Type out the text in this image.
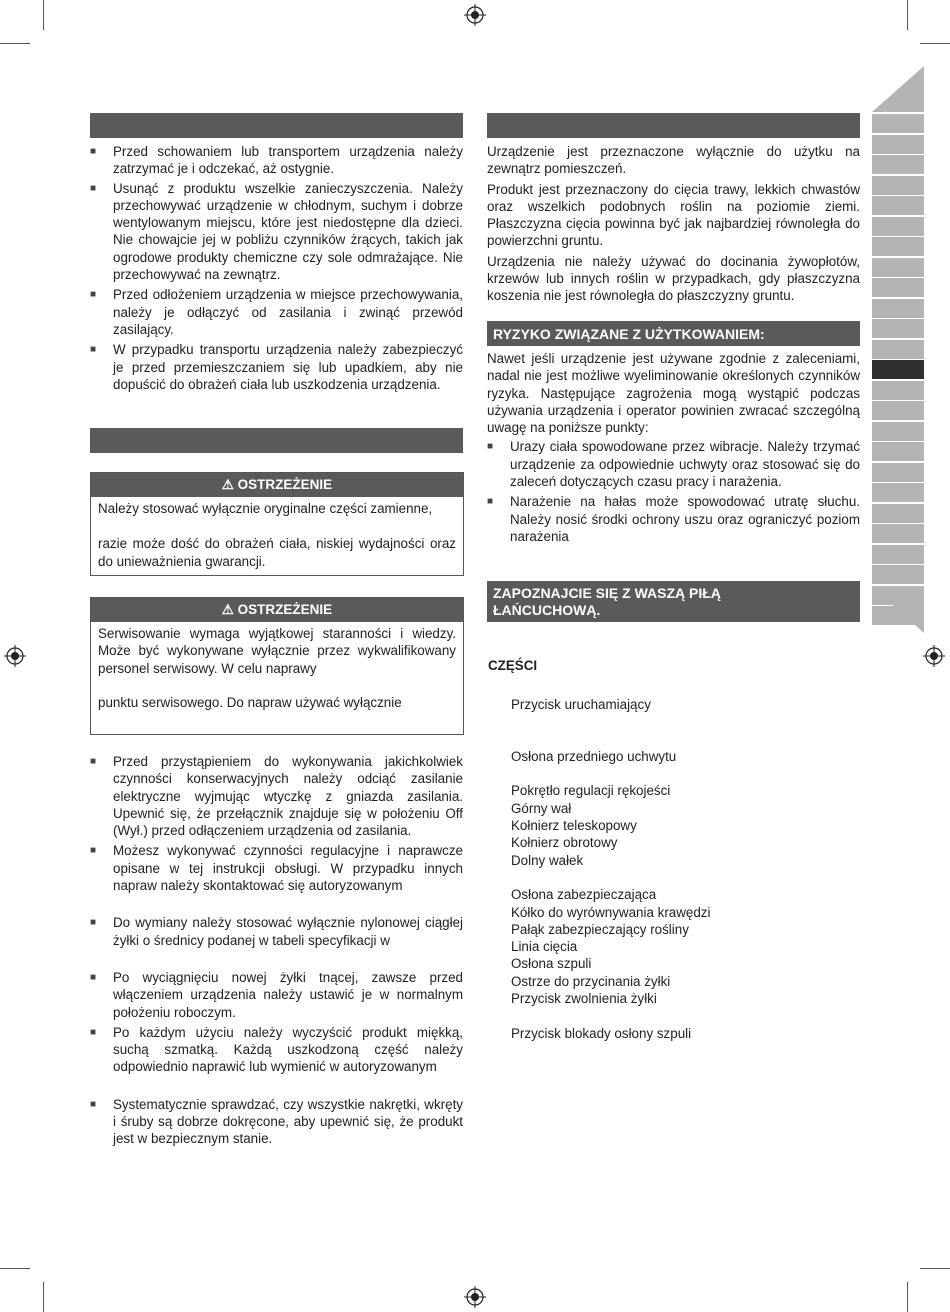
■ Przed schowaniem lub transportem urządzenia należy zatrzymać je i odczekać, aż ostygnie.

■ Usunąć z produktu wszelkie zanieczyszczenia. Należy przechowywać urządzenie w chłodnym, suchym i dobrze wentylowanym miejscu, które jest niedostępne dla dzieci. Nie chowajcie jej w pobliżu czynników żrących, takich jak ogrodowe produkty chemiczne czy sole odmrażające. Nie przechowywać na zewnątrz.

■ Przed odłożeniem urządzenia w miejsce przechowywania, należy je odłączyć od zasilania i zwinąć przewód zasilający.

■ W przypadku transportu urządzenia należy zabezpieczyć je przed przemieszczaniem się lub upadkiem, aby nie dopuścić do obrażeń ciała lub uszkodzenia urządzenia.

⚠ OSTRZEŻENIE

Należy stosować wyłącznie oryginalne części zamienne,

razie może dość do obrażeń ciała, niskiej wydajności oraz do unieważnienia gwarancji.

⚠ OSTRZEŻENIE

Serwisowanie wymaga wyjątkowej staranności i wiedzy. Może być wykonywane wyłącznie przez wykwalifikowany personel serwisowy. W celu naprawy

punktu serwisowego. Do napraw używać wyłącznie

■ Przed przystąpieniem do wykonywania jakichkolwiek czynności konserwacyjnych należy odciąć zasilanie elektryczne wyjmując wtyczkę z gniazda zasilania. Upewnić się, że przełącznik znajduje się w położeniu Off (Wył.) przed odłączeniem urządzenia od zasilania.

■ Możesz wykonywać czynności regulacyjne i naprawcze opisane w tej instrukcji obsługi. W przypadku innych napraw należy skontaktować się autoryzowanym

■ Do wymiany należy stosować wyłącznie nylonowej ciągłej żyłki o średnicy podanej w tabeli specyfikacji w

■ Po wyciągnięciu nowej żyłki tnącej, zawsze przed włączeniem urządzenia należy ustawić je w normalnym położeniu roboczym.

■ Po każdym użyciu należy wyczyścić produkt miękką, suchą szmatką. Każdą uszkodzoną część należy odpowiednio naprawić lub wymienić w autoryzowanym

■ Systematycznie sprawdzać, czy wszystkie nakrętki, wkręty i śruby są dobrze dokręcone, aby upewnić się, że produkt jest w bezpiecznym stanie.

Urządzenie jest przeznaczone wyłącznie do użytku na zewnątrz pomieszczeń.

Produkt jest przeznaczony do cięcia trawy, lekkich chwastów oraz wszelkich podobnych roślin na poziomie ziemi. Płaszczyzna cięcia powinna być jak najbardziej równoległa do powierzchni gruntu.

Urządzenia nie należy używać do docinania żywopłotów, krzewów lub innych roślin w przypadkach, gdy płaszczyzna koszenia nie jest równoległa do płaszczyzny gruntu.

RYZYKO ZWIĄZANE Z UŻYTKOWANIEM:

Nawet jeśli urządzenie jest używane zgodnie z zaleceniami, nadal nie jest możliwe wyeliminowanie określonych czynników ryzyka. Następujące zagrożenia mogą wystąpić podczas używania urządzenia i operator powinien zwracać szczególną uwagę na poniższe punkty:

■ Urazy ciała spowodowane przez wibracje. Należy trzymać urządzenie za odpowiednie uchwyty oraz stosować się do zaleceń dotyczących czasu pracy i narażenia.

■ Narażenie na hałas może spowodować utratę słuchu. Należy nosić środki ochrony uszu oraz ograniczyć poziom narażenia

ZAPOZNAJCIE SIĘ Z WASZĄ PIŁĄ
ŁAŃCUCHOWĄ.
CZĘŚCI
Przycisk uruchamiający
Osłona przedniego uchwytu
Pokrętło regulacji rękojeści
Górny wał
Kołnierz teleskopowy
Kołnierz obrotowy
Dolny wałek
Osłona zabezpieczająca
Kółko do wyrównywania krawędzi
Pałąk zabezpieczający rośliny
Linia cięcia
Osłona szpuli
Ostrze do przycinania żyłki
Przycisk zwolnienia żyłki
Przycisk blokady osłony szpuli
